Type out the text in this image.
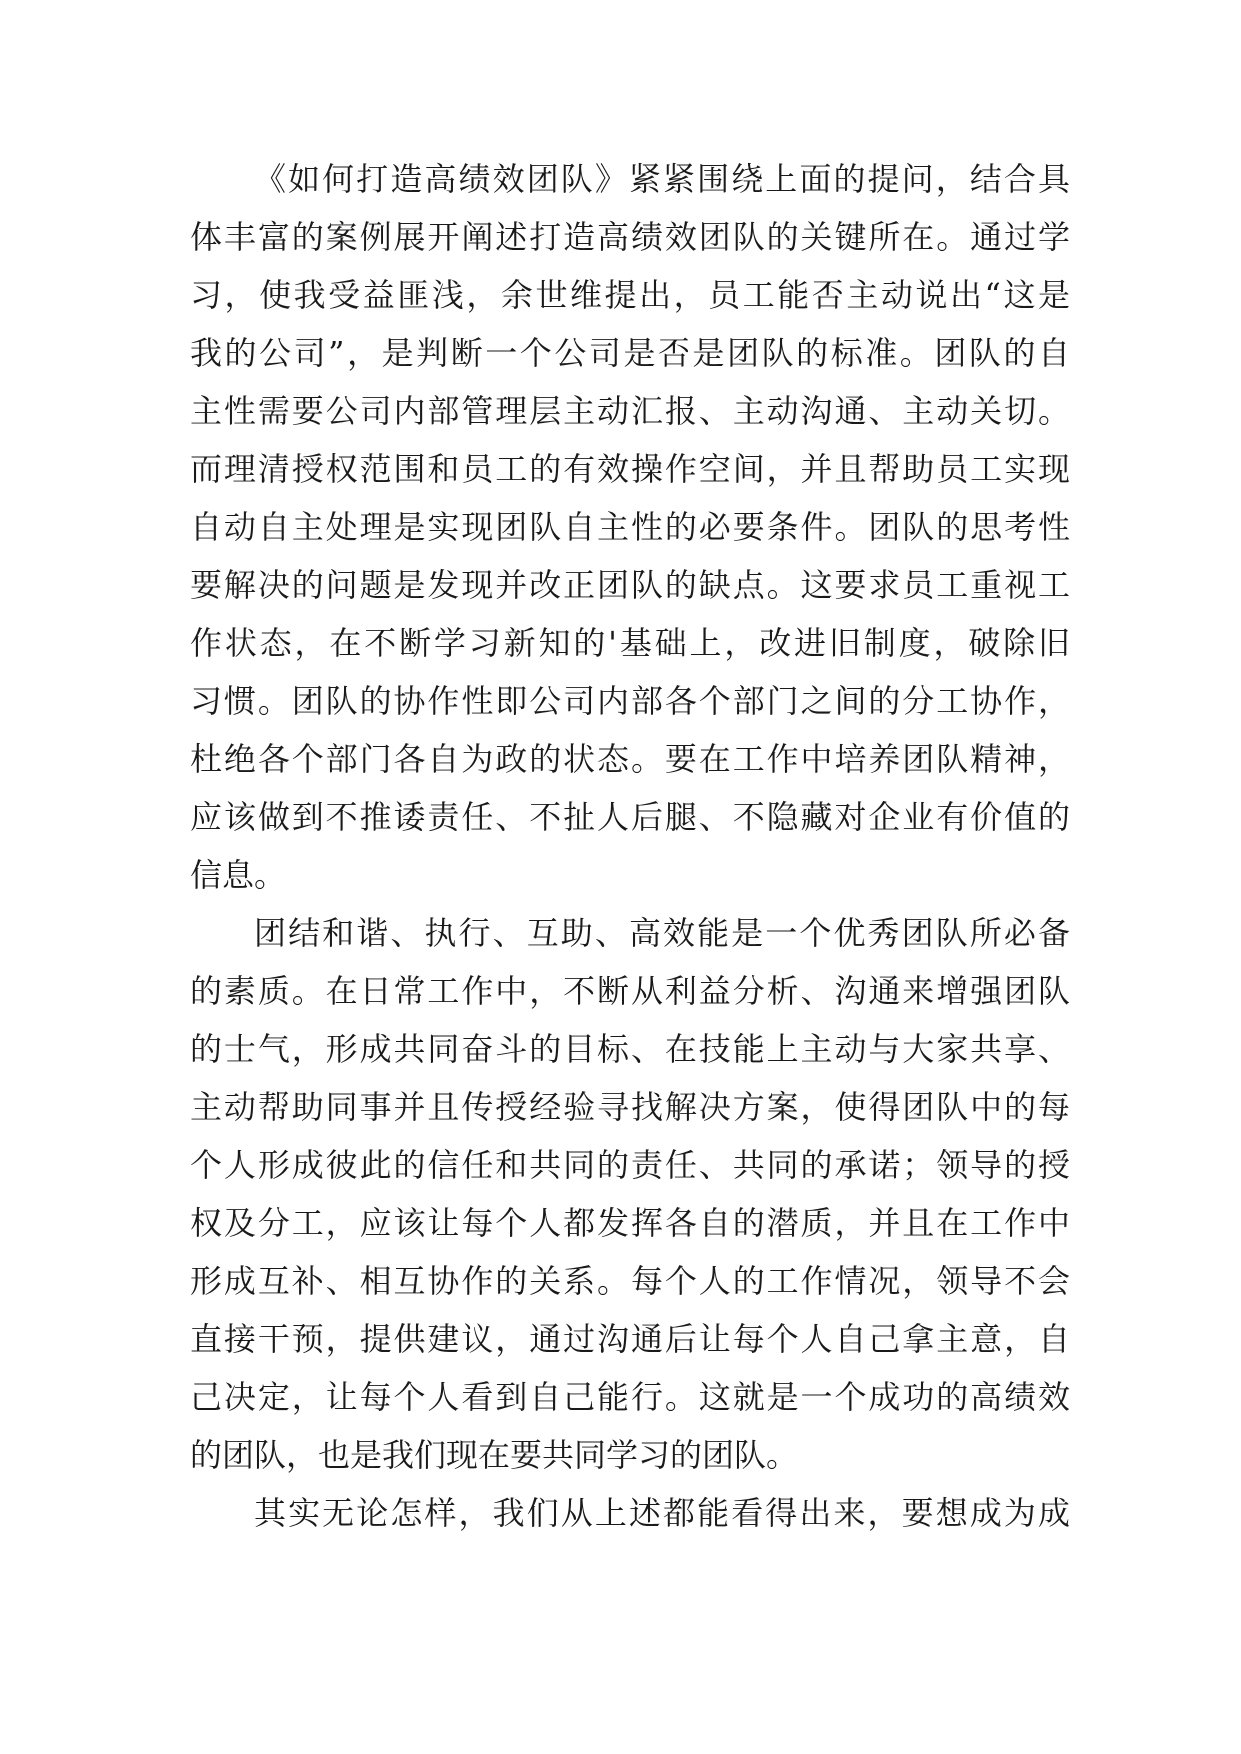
《如何打造高绩效团队》紧紧围绕上面的提问，结合具
体丰富的案例展开阐述打造高绩效团队的关键所在。通过学
习，使我受益匪浅，余世维提出，员工能否主动说出“这是
我的公司”，是判断一个公司是否是团队的标准。团队的自
主性需要公司内部管理层主动汇报、主动沟通、主动关切。
而理清授权范围和员工的有效操作空间，并且帮助员工实现
自动自主处理是实现团队自主性的必要条件。团队的思考性
要解决的问题是发现并改正团队的缺点。这要求员工重视工
作状态，在不断学习新知的'基础上，改进旧制度，破除旧
习惯。团队的协作性即公司内部各个部门之间的分工协作，
杜绝各个部门各自为政的状态。要在工作中培养团队精神，
应该做到不推诿责任、不扯人后腿、不隐藏对企业有价值的
信息。
团结和谐、执行、互助、高效能是一个优秀团队所必备
的素质。在日常工作中，不断从利益分析、沟通来增强团队
的士气，形成共同奋斗的目标、在技能上主动与大家共享、
主动帮助同事并且传授经验寻找解决方案，使得团队中的每
个人形成彼此的信任和共同的责任、共同的承诺；领导的授
权及分工，应该让每个人都发挥各自的潜质，并且在工作中
形成互补、相互协作的关系。每个人的工作情况，领导不会
直接干预，提供建议，通过沟通后让每个人自己拿主意，自
己决定，让每个人看到自己能行。这就是一个成功的高绩效
的团队，也是我们现在要共同学习的团队。
其实无论怎样，我们从上述都能看得出来，要想成为成
